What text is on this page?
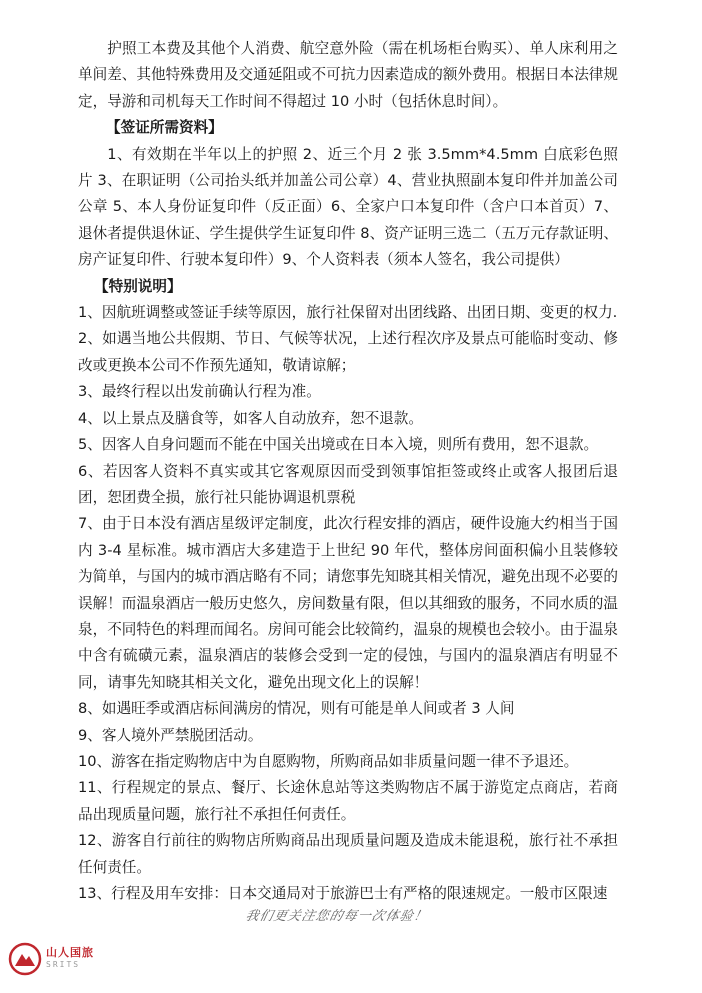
护照工本费及其他个人消费、航空意外险（需在机场柜台购买）、单人床利用之单间差、其他特殊费用及交通延阻或不可抗力因素造成的额外费用。根据日本法律规定，导游和司机每天工作时间不得超过 10 小时（包括休息时间）。

【签证所需资料】

1、有效期在半年以上的护照 2、近三个月 2 张 3.5mm*4.5mm 白底彩色照片 3、在职证明（公司抬头纸并加盖公司公章）4、营业执照副本复印件并加盖公司公章 5、本人身份证复印件（反正面）6、全家户口本复印件（含户口本首页）7、退休者提供退休证、学生提供学生证复印件 8、资产证明三选二（五万元存款证明、房产证复印件、行驶本复印件）9、个人资料表（须本人签名，我公司提供）

【特别说明】

1、因航班调整或签证手续等原因，旅行社保留对出团线路、出团日期、变更的权力.

2、如遇当地公共假期、节日、气候等状况，上述行程次序及景点可能临时变动、修改或更换本公司不作预先通知，敬请谅解；

3、最终行程以出发前确认行程为准。

4、以上景点及膳食等，如客人自动放弃，恕不退款。

5、因客人自身问题而不能在中国关出境或在日本入境，则所有费用，恕不退款。

6、若因客人资料不真实或其它客观原因而受到领事馆拒签或终止或客人报团后退团，恕团费全损，旅行社只能协调退机票税

7、由于日本没有酒店星级评定制度，此次行程安排的酒店，硬件设施大约相当于国内 3-4 星标准。城市酒店大多建造于上世纪 90 年代，整体房间面积偏小且装修较为简单，与国内的城市酒店略有不同；请您事先知晓其相关情况，避免出现不必要的误解！而温泉酒店一般历史悠久，房间数量有限，但以其细致的服务，不同水质的温泉，不同特色的料理而闻名。房间可能会比较简约，温泉的规模也会较小。由于温泉中含有硫磺元素，温泉酒店的装修会受到一定的侵蚀，与国内的温泉酒店有明显不同，请事先知晓其相关文化，避免出现文化上的误解！

8、如遇旺季或酒店标间满房的情况，则有可能是单人间或者 3 人间

9、客人境外严禁脱团活动。

10、游客在指定购物店中为自愿购物，所购商品如非质量问题一律不予退还。

11、行程规定的景点、餐厅、长途休息站等这类购物店不属于游览定点商店，若商品出现质量问题，旅行社不承担任何责任。

12、游客自行前往的购物店所购商品出现质量问题及造成未能退税，旅行社不承担任何责任。

13、行程及用车安排：日本交通局对于旅游巴士有严格的限速规定。一般市区限速

我们更关注您的每一次体验！
山人国旅
SRITS
